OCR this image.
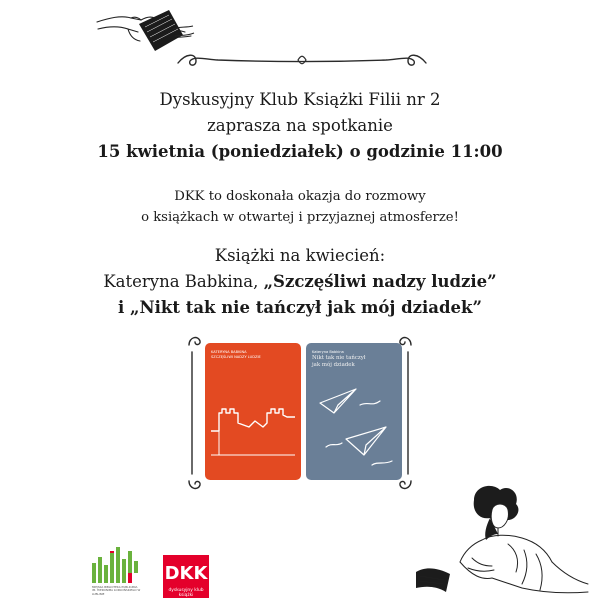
Dyskusyjny Klub Książki Filii nr 2
zaprasza na spotkanie
15 kwietnia (poniedziałek) o godzinie 11:00
DKK to doskonała okazja do rozmowy
o książkach w otwartej i przyjaznej atmosferze!
Książki na kwiecień:
Kateryna Babkina, „Szczęśliwi nadzy ludzie”
i „Nikt tak nie tańczył jak mój dziadek”
KATERYNA BABKINA
SZCZĘŚLIWI NADZY LUDZIE
Kateryna Babkina
Nikt tak nie tańczył
jak mój dziadek
MIEJSKA BIBLIOTEKA PUBLICZNA IM. HIERONIMA ŁOPACIŃSKIEGO W LUBLINIE
DKK
dyskusyjny klub książki
